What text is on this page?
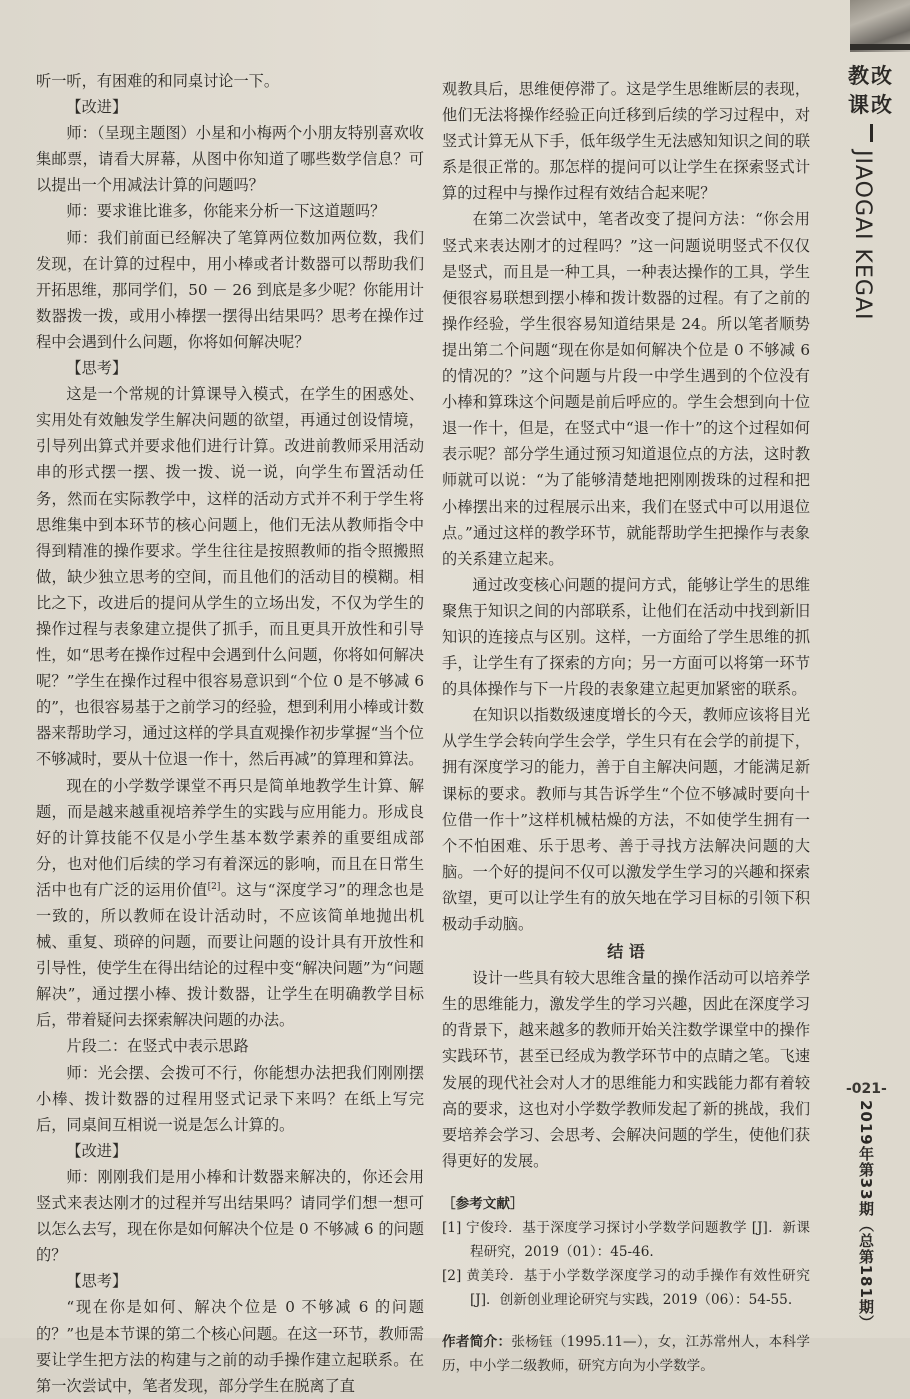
听一听，有困难的和同桌讨论一下。

【改进】

师：（呈现主题图）小星和小梅两个小朋友特别喜欢收集邮票，请看大屏幕，从图中你知道了哪些数学信息？可以提出一个用减法计算的问题吗？

师：要求谁比谁多，你能来分析一下这道题吗？

师：我们前面已经解决了笔算两位数加两位数，我们发现，在计算的过程中，用小棒或者计数器可以帮助我们开拓思维，那同学们，50 － 26 到底是多少呢？你能用计数器拨一拨，或用小棒摆一摆得出结果吗？思考在操作过程中会遇到什么问题，你将如何解决呢？

【思考】

这是一个常规的计算课导入模式，在学生的困惑处、实用处有效触发学生解决问题的欲望，再通过创设情境，引导列出算式并要求他们进行计算。改进前教师采用活动串的形式摆一摆、拨一拨、说一说，向学生布置活动任务，然而在实际教学中，这样的活动方式并不利于学生将思维集中到本环节的核心问题上，他们无法从教师指令中得到精准的操作要求。学生往往是按照教师的指令照搬照做，缺少独立思考的空间，而且他们的活动目的模糊。相比之下，改进后的提问从学生的立场出发，不仅为学生的操作过程与表象建立提供了抓手，而且更具开放性和引导性，如“思考在操作过程中会遇到什么问题，你将如何解决呢？”学生在操作过程中很容易意识到“个位 0 是不够减 6 的”，也很容易基于之前学习的经验，想到利用小棒或计数器来帮助学习，通过这样的学具直观操作初步掌握“当个位不够减时，要从十位退一作十，然后再减”的算理和算法。

现在的小学数学课堂不再只是简单地教学生计算、解题，而是越来越重视培养学生的实践与应用能力。形成良好的计算技能不仅是小学生基本数学素养的重要组成部分，也对他们后续的学习有着深远的影响，而且在日常生活中也有广泛的运用价值[2]。这与“深度学习”的理念也是一致的，所以教师在设计活动时，不应该简单地抛出机械、重复、琐碎的问题，而要让问题的设计具有开放性和引导性，使学生在得出结论的过程中变“解决问题”为“问题解决”，通过摆小棒、拨计数器，让学生在明确教学目标后，带着疑问去探索解决问题的办法。

片段二：在竖式中表示思路

师：光会摆、会拨可不行，你能想办法把我们刚刚摆小棒、拨计数器的过程用竖式记录下来吗？在纸上写完后，同桌间互相说一说是怎么计算的。

【改进】

师：刚刚我们是用小棒和计数器来解决的，你还会用竖式来表达刚才的过程并写出结果吗？请同学们想一想可以怎么去写，现在你是如何解决个位是 0 不够减 6 的问题的？

【思考】

“现在你是如何、解决个位是 0 不够减 6 的问题的？”也是本节课的第二个核心问题。在这一环节，教师需要让学生把方法的构建与之前的动手操作建立起联系。在第一次尝试中，笔者发现，部分学生在脱离了直

观教具后，思维便停滞了。这是学生思维断层的表现，他们无法将操作经验正向迁移到后续的学习过程中，对竖式计算无从下手，低年级学生无法感知知识之间的联系是很正常的。那怎样的提问可以让学生在探索竖式计算的过程中与操作过程有效结合起来呢？

在第二次尝试中，笔者改变了提问方法：“你会用竖式来表达刚才的过程吗？”这一问题说明竖式不仅仅是竖式，而且是一种工具，一种表达操作的工具，学生便很容易联想到摆小棒和拨计数器的过程。有了之前的操作经验，学生很容易知道结果是 24。所以笔者顺势提出第二个问题“现在你是如何解决个位是 0 不够减 6 的情况的？”这个问题与片段一中学生遇到的个位没有小棒和算珠这个问题是前后呼应的。学生会想到向十位退一作十，但是，在竖式中“退一作十”的这个过程如何表示呢？部分学生通过预习知道退位点的方法，这时教师就可以说：“为了能够清楚地把刚刚拨珠的过程和把小棒摆出来的过程展示出来，我们在竖式中可以用退位点。”通过这样的教学环节，就能帮助学生把操作与表象的关系建立起来。

通过改变核心问题的提问方式，能够让学生的思维聚焦于知识之间的内部联系，让他们在活动中找到新旧知识的连接点与区别。这样，一方面给了学生思维的抓手，让学生有了探索的方向；另一方面可以将第一环节的具体操作与下一片段的表象建立起更加紧密的联系。

在知识以指数级速度增长的今天，教师应该将目光从学生学会转向学生会学，学生只有在会学的前提下，拥有深度学习的能力，善于自主解决问题，才能满足新课标的要求。教师与其告诉学生“个位不够减时要向十位借一作十”这样机械枯燥的方法，不如使学生拥有一个不怕困难、乐于思考、善于寻找方法解决问题的大脑。一个好的提问不仅可以激发学生学习的兴趣和探索欲望，更可以让学生有的放矢地在学习目标的引领下积极动手动脑。

结 语

设计一些具有较大思维含量的操作活动可以培养学生的思维能力，激发学生的学习兴趣，因此在深度学习的背景下，越来越多的教师开始关注数学课堂中的操作实践环节，甚至已经成为教学环节中的点睛之笔。飞速发展的现代社会对人才的思维能力和实践能力都有着较高的要求，这也对小学数学教师发起了新的挑战，我们要培养会学习、会思考、会解决问题的学生，使他们获得更好的发展。

［参考文献］
[1] 宁俊玲．基于深度学习探讨小学数学问题教学 [J]．新课程研究，2019（01）：45-46.
[2] 黄美玲．基于小学数学深度学习的动手操作有效性研究 [J]．创新创业理论研究与实践，2019（06）：54-55.
作者简介：张杨钰（1995.11—），女，江苏常州人，本科学历，中小学二级教师，研究方向为小学数学。
教改课改
JIAOGAI KEGAI
-021-
2019年第33期（总第181期）
